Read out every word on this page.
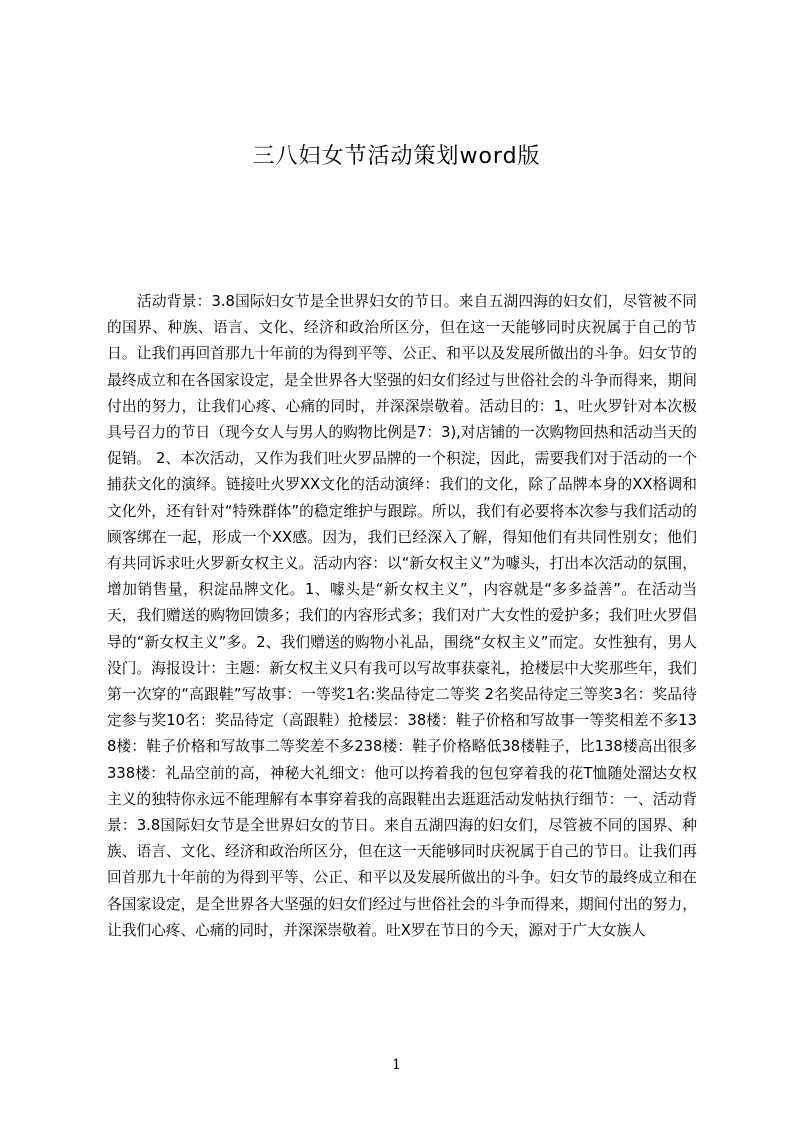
三八妇女节活动策划word版

活动背景：3.8国际妇女节是全世界妇女的节日。来自五湖四海的妇女们，尽管被不同的国界、种族、语言、文化、经济和政治所区分，但在这一天能够同时庆祝属于自己的节日。让我们再回首那九十年前的为得到平等、公正、和平以及发展所做出的斗争。妇女节的最终成立和在各国家设定，是全世界各大坚强的妇女们经过与世俗社会的斗争而得来，期间付出的努力，让我们心疼、心痛的同时，并深深崇敬着。活动目的：1、吐火罗针对本次极具号召力的节日（现今女人与男人的购物比例是7：3),对店铺的一次购物回热和活动当天的促销。 2、本次活动，又作为我们吐火罗品牌的一个积淀，因此，需要我们对于活动的一个捕获文化的演绎。链接吐火罗XX文化的活动演绎：我们的文化，除了品牌本身的XX格调和文化外，还有针对“特殊群体”的稳定维护与跟踪。所以，我们有必要将本次参与我们活动的顾客绑在一起，形成一个XX感。因为，我们已经深入了解，得知他们有共同性别女；他们有共同诉求吐火罗新女权主义。活动内容：以“新女权主义”为噱头，打出本次活动的氛围，增加销售量，积淀品牌文化。1、噱头是“新女权主义”，内容就是“多多益善”。在活动当天，我们赠送的购物回馈多；我们的内容形式多；我们对广大女性的爱护多；我们吐火罗倡导的“新女权主义”多。2、我们赠送的购物小礼品，围绕“女权主义”而定。女性独有，男人没门。海报设计：主题：新女权主义只有我可以写故事获豪礼，抢楼层中大奖那些年，我们第一次穿的“高跟鞋”写故事：一等奖1名:奖品待定二等奖 2名奖品待定三等奖3名：奖品待定参与奖10名：奖品待定（高跟鞋）抢楼层：38楼：鞋子价格和写故事一等奖相差不多138楼：鞋子价格和写故事二等奖差不多238楼：鞋子价格略低38楼鞋子，比138楼高出很多338楼：礼品空前的高，神秘大礼细文：他可以挎着我的包包穿着我的花T恤随处溜达女权主义的独特你永远不能理解有本事穿着我的高跟鞋出去逛逛活动发帖执行细节：一、活动背景：3.8国际妇女节是全世界妇女的节日。来自五湖四海的妇女们，尽管被不同的国界、种族、语言、文化、经济和政治所区分，但在这一天能够同时庆祝属于自己的节日。让我们再回首那九十年前的为得到平等、公正、和平以及发展所做出的斗争。妇女节的最终成立和在各国家设定，是全世界各大坚强的妇女们经过与世俗社会的斗争而得来，期间付出的努力，让我们心疼、心痛的同时，并深深崇敬着。吐X罗在节日的今天，源对于广大女族人

1
